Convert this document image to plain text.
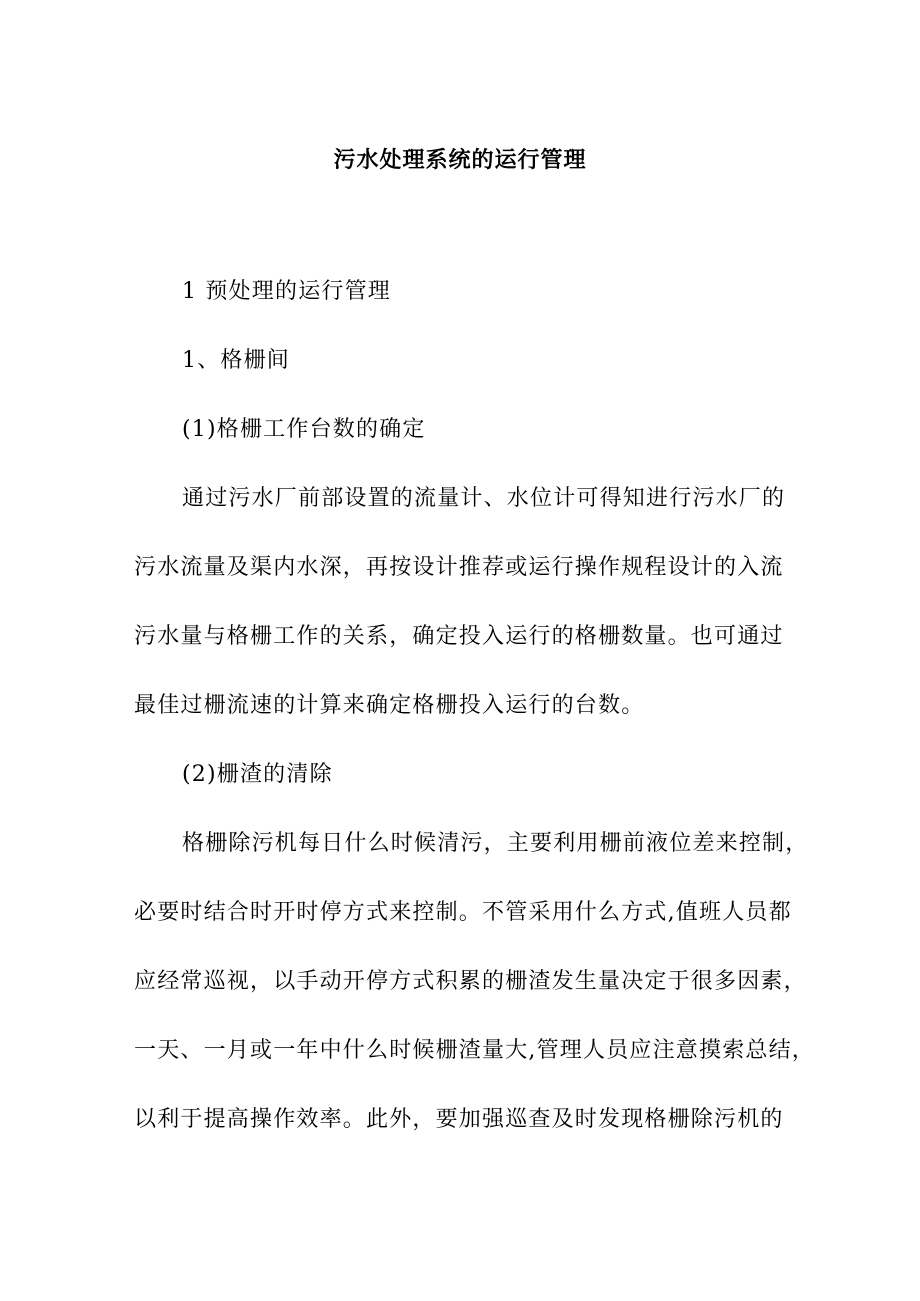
污水处理系统的运行管理
1 预处理的运行管理
1、格栅间
(1)格栅工作台数的确定
通过污水厂前部设置的流量计、水位计可得知进行污水厂的
污水流量及渠内水深，再按设计推荐或运行操作规程设计的入流
污水量与格栅工作的关系，确定投入运行的格栅数量。也可通过
最佳过栅流速的计算来确定格栅投入运行的台数。
(2)栅渣的清除
格栅除污机每日什么时候清污，主要利用栅前液位差来控制，
必要时结合时开时停方式来控制。不管采用什么方式,值班人员都
应经常巡视，以手动开停方式积累的栅渣发生量决定于很多因素，
一天、一月或一年中什么时候栅渣量大,管理人员应注意摸索总结，
以利于提高操作效率。此外，要加强巡查及时发现格栅除污机的
